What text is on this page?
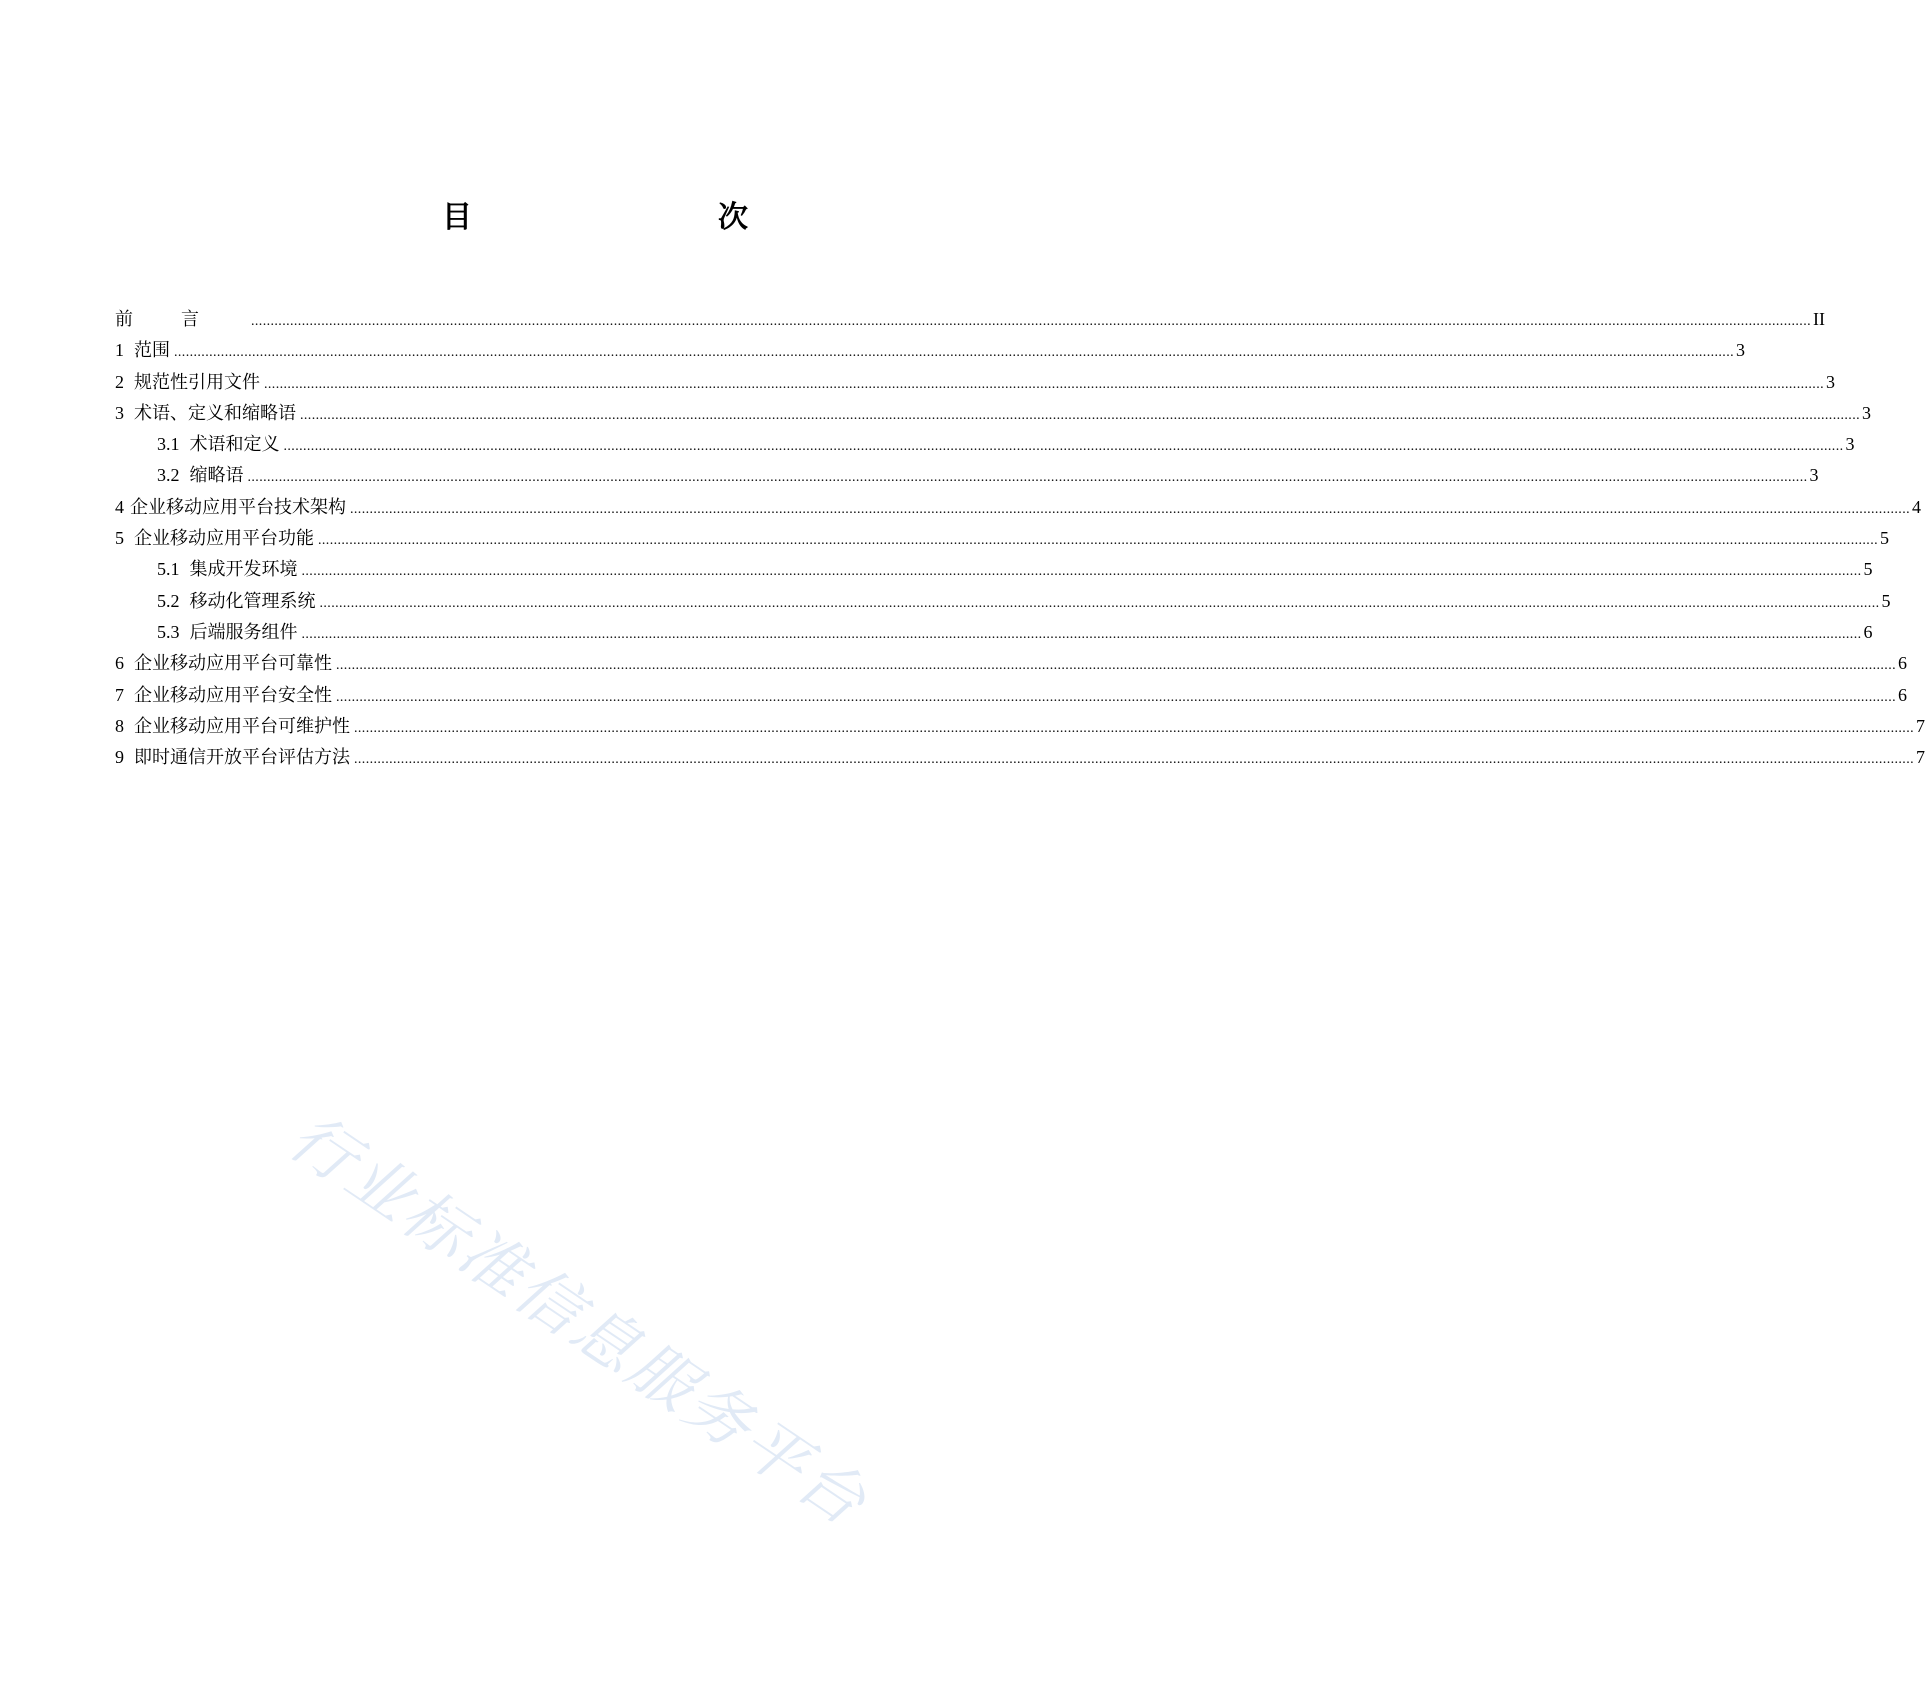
目　　次
前言 ................................................................................................................................................................................................................................................................................................................................................................................................................ II
1 范围 ................................................................................................................................................................................................................................................................................................................................................................................................................ 3
2 规范性引用文件 ................................................................................................................................................................................................................................................................................................................................................................................................................ 3
3 术语、定义和缩略语 ................................................................................................................................................................................................................................................................................................................................................................................................................ 3
3.1 术语和定义 ................................................................................................................................................................................................................................................................................................................................................................................................................ 3
3.2 缩略语 ................................................................................................................................................................................................................................................................................................................................................................................................................ 3
4 企业移动应用平台技术架构 ................................................................................................................................................................................................................................................................................................................................................................................................................ 4
5 企业移动应用平台功能 ................................................................................................................................................................................................................................................................................................................................................................................................................ 5
5.1 集成开发环境 ................................................................................................................................................................................................................................................................................................................................................................................................................ 5
5.2 移动化管理系统 ................................................................................................................................................................................................................................................................................................................................................................................................................ 5
5.3 后端服务组件 ................................................................................................................................................................................................................................................................................................................................................................................................................ 6
6 企业移动应用平台可靠性 ................................................................................................................................................................................................................................................................................................................................................................................................................ 6
7 企业移动应用平台安全性 ................................................................................................................................................................................................................................................................................................................................................................................................................ 6
8 企业移动应用平台可维护性 ................................................................................................................................................................................................................................................................................................................................................................................................................ 7
9 即时通信开放平台评估方法 ................................................................................................................................................................................................................................................................................................................................................................................................................ 7
行业标准信息服务平台
